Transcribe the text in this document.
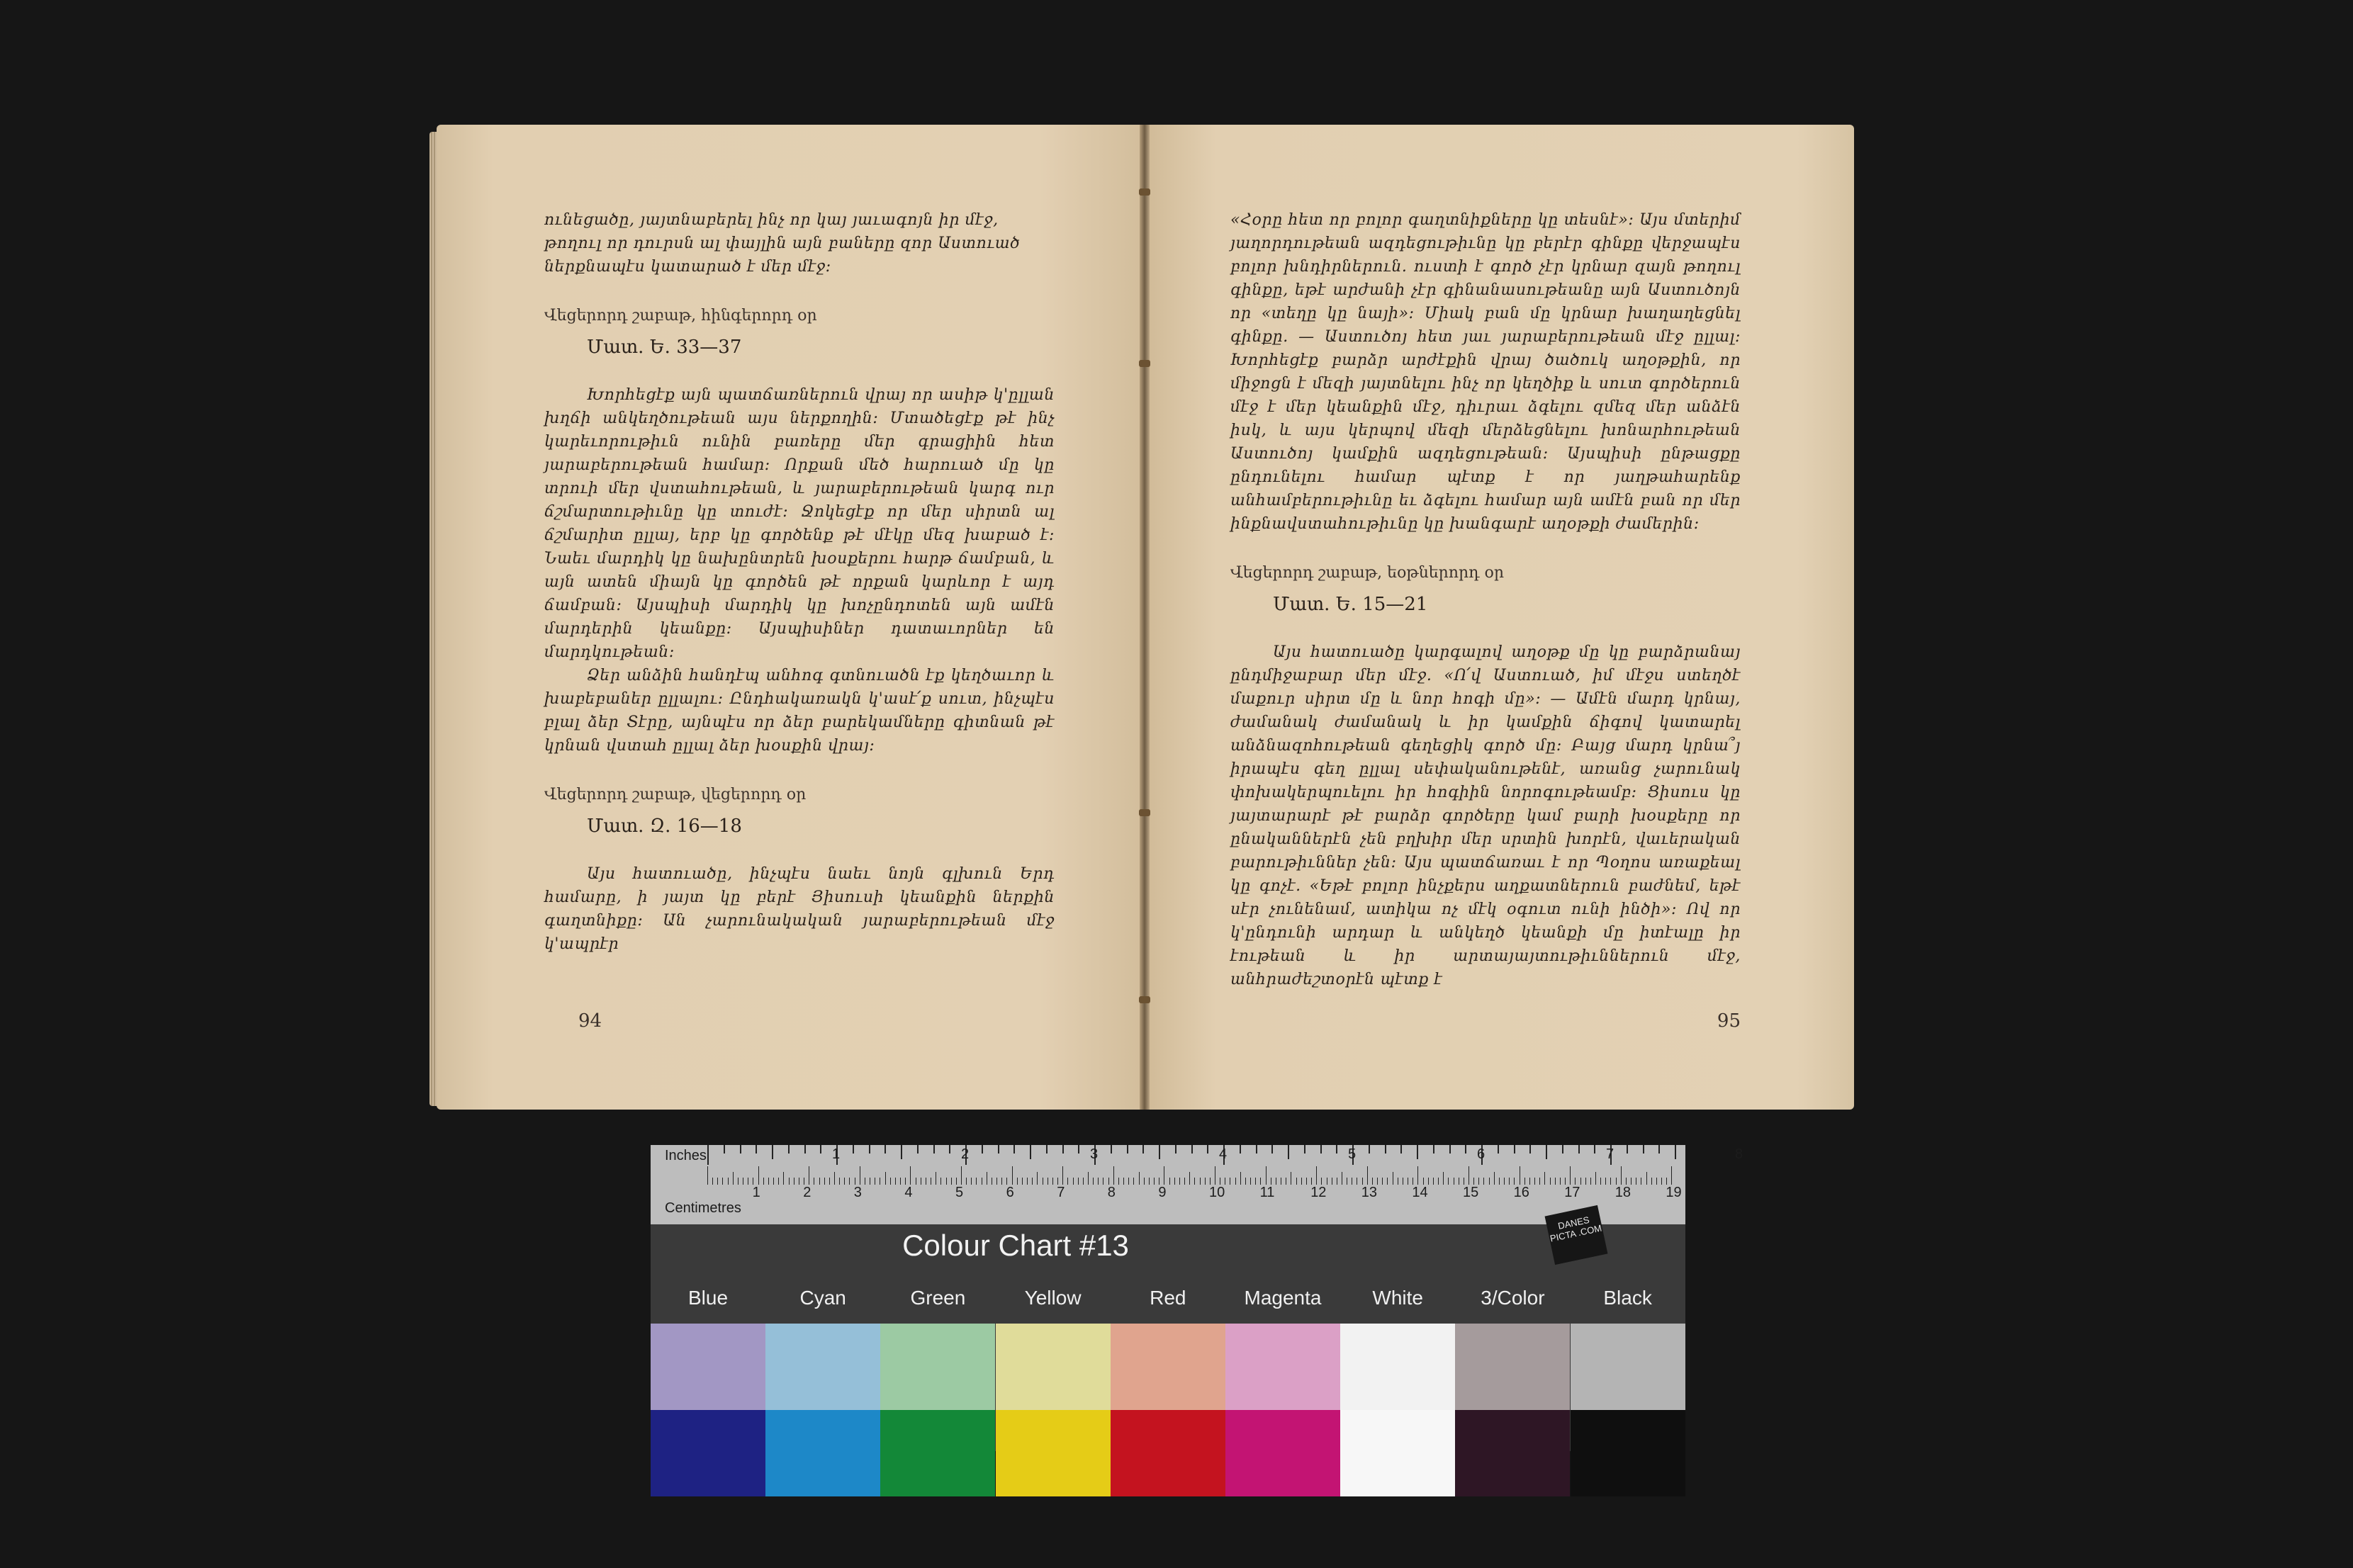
ունեցածը, յայտնաբերել ինչ որ կայ յաւագոյն իր մէջ,

թողուլ որ դուրսն ալ փայլին այն բաները զոր Աստուած

ներքնապէս կատարած է մեր մէջ:

Վեցերորդ շաբաթ, հինգերորդ օր
Մատ. Ե. 33—37

Խորհեցէք այն պատճառներուն վրայ որ ասիթ կ'ըլլան խղճի անկեղծութեան այս ներքողին: Մտածեցէք թէ ինչ կարեւորութիւն ունին բառերը մեր գրացիին հետ յարաբերութեան համար: Որքան մեծ հարուած մը կը տրուի մեր վստահութեան, և յարաբերութեան կարգ ուր ճշմարտութիւնը կը տուժէ: Ջոկեցէք որ մեր սիրտն ալ ճշմարիտ ըլլայ, երբ կը գործենք թէ մէկը մեզ խաբած է: Նաեւ մարդիկ կը նախընտրեն խօսքերու հարթ ճամբան, և այն ատեն միայն կը գործեն թէ որքան կարևոր է այդ ճամբան: Այսպիսի մարդիկ կը խոչընդոտեն այն ամէն մարդերին կեանքը: Այսպիսիներ դատաւորներ են մարդկութեան:

Ձեր անձին հանդէպ անհոգ գտնուածն էք կեղծաւոր և խաբեբաներ ըլլալու: Ընդհակառակն կ'ասէ՛ք սուտ, ինչպէս բլալ ձեր Տէրը, այնպէս որ ձեր բարեկամները գիտնան թէ կրնան վստահ ըլլալ ձեր խօսքին վրայ:

Վեցերորդ շաբաթ, վեցերորդ օր
Մատ. Զ. 16—18

Այս հատուածը, ինչպէս նաեւ նոյն գլխուն Երդ համարը, ի յայտ կը բերէ Յիսուսի կեանքին ներքին գաղտնիքը: Ան չարունակական յարաբերութեան մէջ կ'ապրէր

94

«Հօրը հետ որ բոլոր գաղտնիքները կը տեսնէ»: Այս մտերիմ յաղորդութեան ազդեցութիւնը կը բերէր գինքը վերջապէս բոլոր խնդիրներուն. ուստի է գործ չէր կրնար զայն թողուլ գինքը, եթէ արժանի չէր գինանասութեանը այն Աստուծոյն որ «տեղը կը նայի»: Միակ բան մը կրնար խաղաղեցնել գինքը. — Աստուծոյ հետ յաւ յարաբերութեան մէջ ըլլալ: Խորհեցէք բարձր արժէքին վրայ ծածուկ աղօթքին, որ միջոցն է մեզի յայտնելու ինչ որ կեղծիք և սուտ գործերուն մէջ է մեր կեանքին մէջ, դիւրաւ ձգելու զմեզ մեր անձէն իսկ, և այս կերպով մեզի մերձեցնելու խոնարհութեան Աստուծոյ կամքին ազդեցութեան: Այսպիսի ընթացքը ընդունելու համար պէտք է որ յաղթահարենք անհամբերութիւնը եւ ձգելու համար այն ամէն բան որ մեր ինքնավստահութիւնը կը խանգարէ աղօթքի ժամերին:

Վեցերորդ շաբաթ, եօթներորդ օր
Մատ. Ե. 15—21

Այս հատուածը կարգալով աղօթք մը կը բարձրանայ ընդմիջաբար մեր մէջ. «Ո՛վ Աստուած, իմ մէջս ստեղծէ մաքուր սիրտ մը և նոր հոգի մը»: — Ամէն մարդ կրնայ, ժամանակ ժամանակ և իր կամքին ճիգով կատարել անձնազոհութեան գեղեցիկ գործ մը: Բայց մարդ կրնա՞յ իրապէս գեղ ըլլալ սեփականութենէ, առանց չարունակ փոխակերպուելու իր հոգիին նորոգութեամբ: Ցիսուս կը յայտարարէ թէ բարձր գործերը կամ բարի խօսքերը որ ընականներէն չեն բղխիր մեր սրտին խորէն, վաւերական բարութիւններ չեն: Այս պատճառաւ է որ Պօղոս առաքեալ կը գոչէ. «Եթէ բոլոր ինչքերս աղքատներուն բաժնեմ, եթէ սէր չունենամ, ատիկա ոչ մէկ օգուտ ունի ինծի»: Ով որ կ'ընդունի արդար և անկեղծ կեանքի մը իտէալը իր էութեան և իր արտայայտութիւններուն մէջ, անհրաժեշտօրէն պէտք է

95
Inches
Centimetres
1	2	3	4	5	6	7	8
1	2	3	4	5	6	7	8	9	10 11	12 13 14 15 16 17 18 19
Colour Chart #13
DANES PICTA .COM
Blue	Cyan	Green	Yellow	Red	Magenta	White	3/Color	Black
